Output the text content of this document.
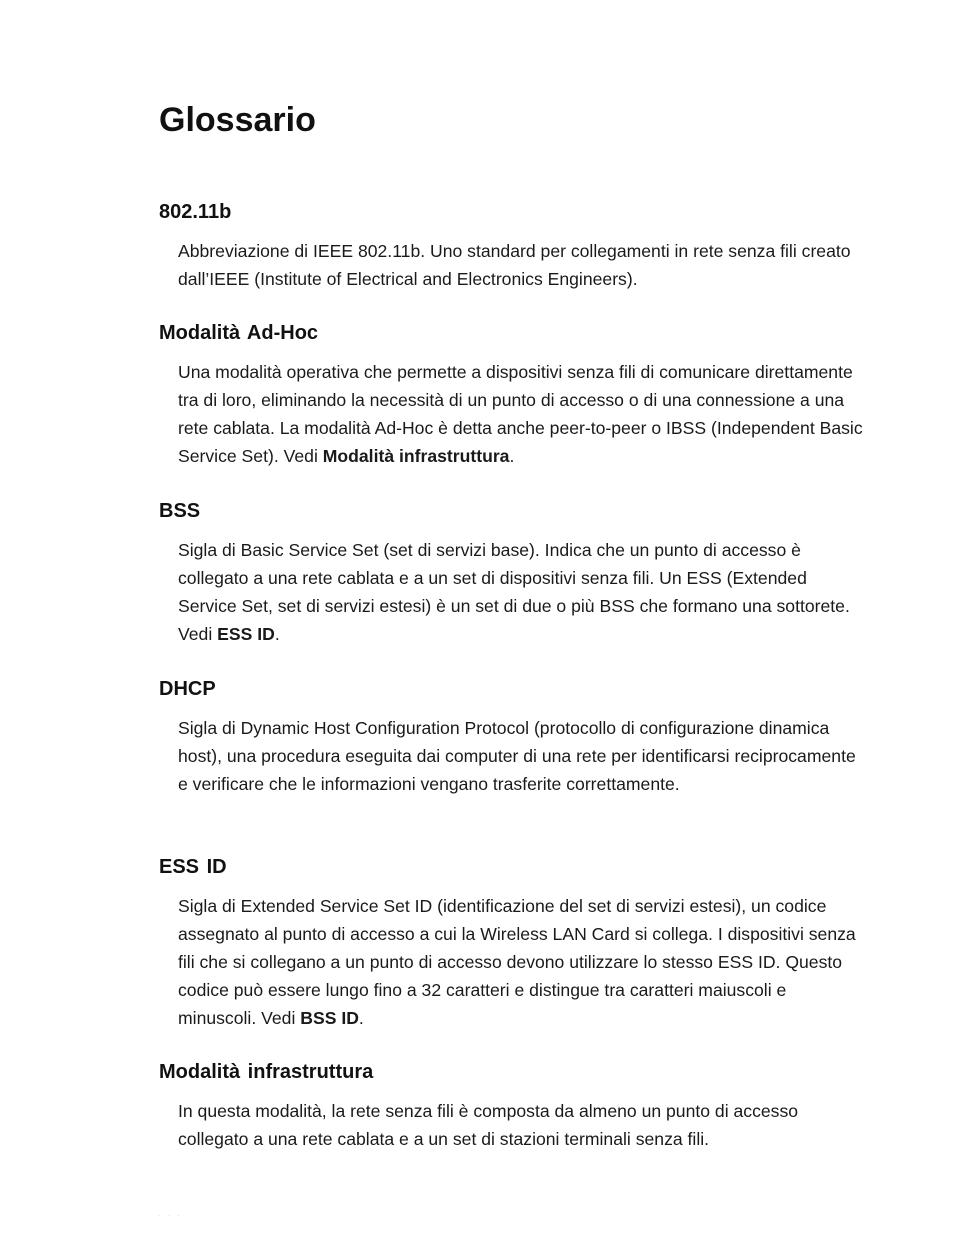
Glossario
802.11b

Abbreviazione di IEEE 802.11b. Uno standard per collegamenti in rete senza fili creato dall’IEEE (Institute of Electrical and Electronics Engineers).

Modalità Ad-Hoc

Una modalità operativa che permette a dispositivi senza fili di comunicare direttamente tra di loro, eliminando la necessità di un punto di accesso o di una connessione a una rete cablata. La modalità Ad-Hoc è detta anche peer-to-peer o IBSS (Independent Basic Service Set). Vedi Modalità infrastruttura.

BSS

Sigla di Basic Service Set (set di servizi base). Indica che un punto di accesso è collegato a una rete cablata e a un set di dispositivi senza fili. Un ESS (Extended Service Set, set di servizi estesi) è un set di due o più BSS che formano una sottorete. Vedi ESS ID.

DHCP

Sigla di Dynamic Host Configuration Protocol (protocollo di configurazione dinamica host), una procedura eseguita dai computer di una rete per identificarsi reciprocamente e verificare che le informazioni vengano trasferite correttamente.

ESS ID

Sigla di Extended Service Set ID (identificazione del set di servizi estesi), un codice assegnato al punto di accesso a cui la Wireless LAN Card si collega. I dispositivi senza fili che si collegano a un punto di accesso devono utilizzare lo stesso ESS ID. Questo codice può essere lungo fino a 32 caratteri e distingue tra caratteri maiuscoli e minuscoli. Vedi BSS ID.

Modalità infrastruttura

In questa modalità, la rete senza fili è composta da almeno un punto di accesso collegato a una rete cablata e a un set di stazioni terminali senza fili.

. . .
